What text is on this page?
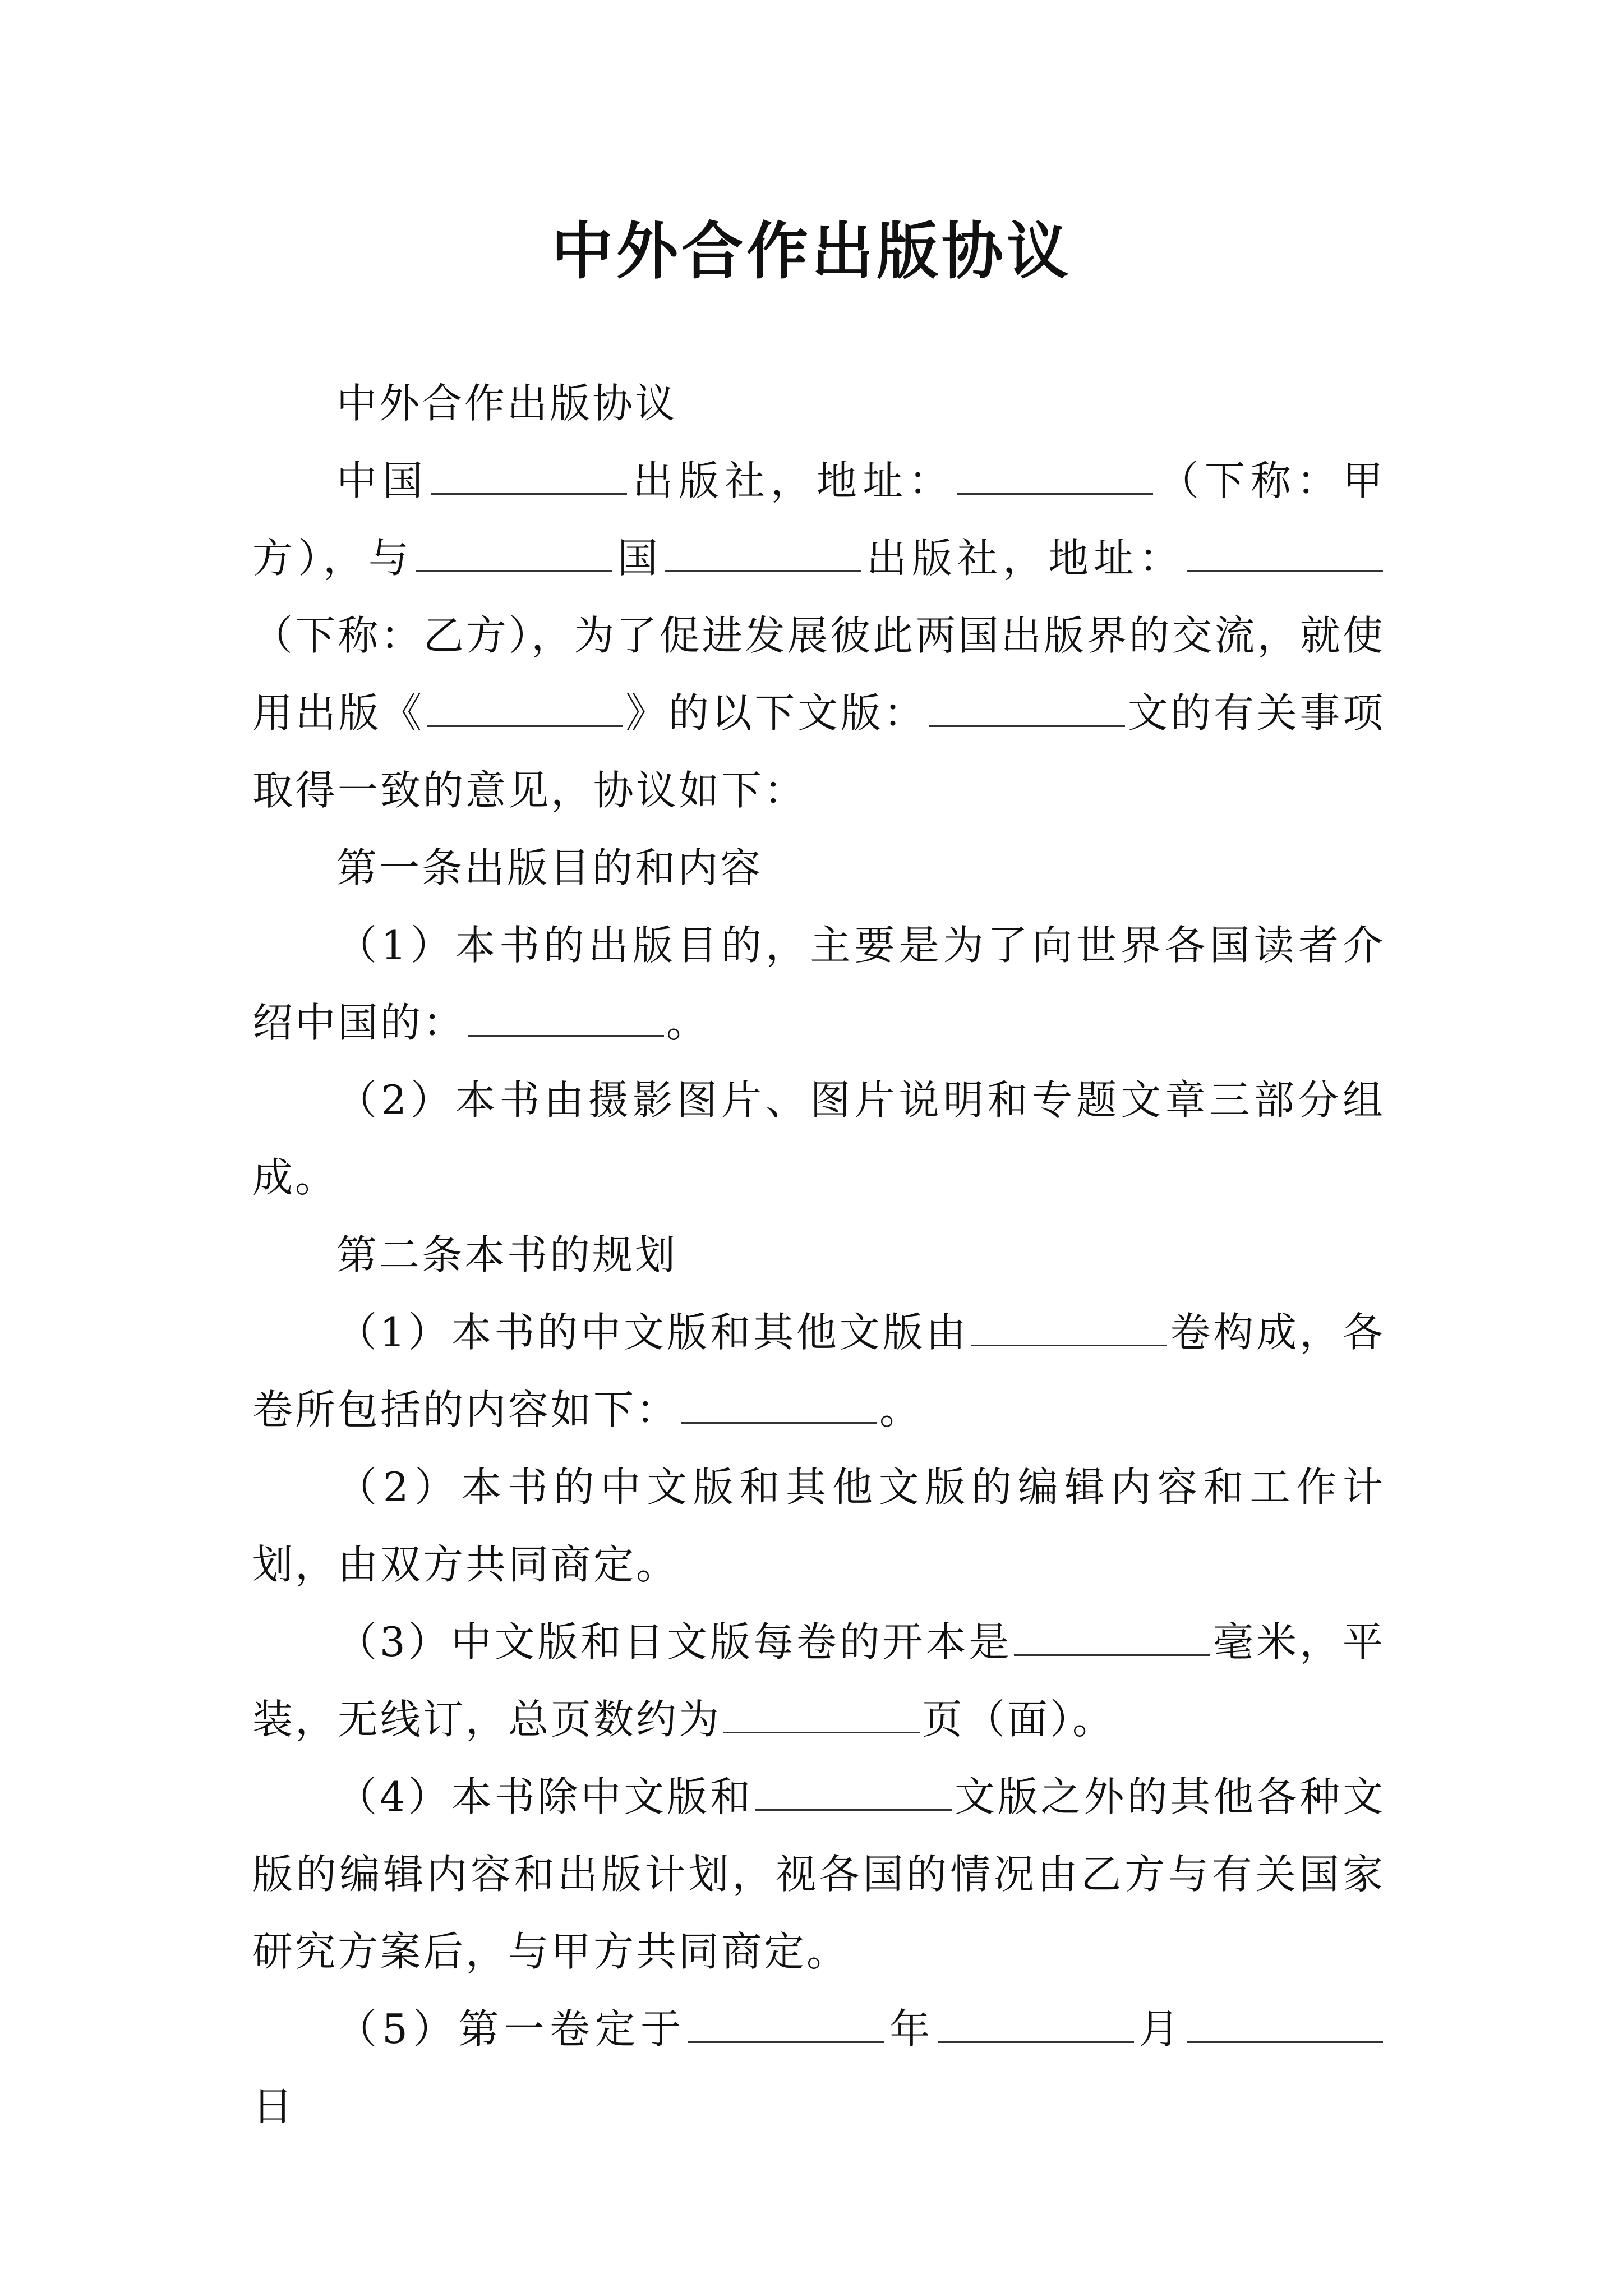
中外合作出版协议

中外合作出版协议

中国	出版社，地址：	（下称：甲方），与	国	出版社，地址：（下称：乙方），为了促进发展彼此两国出版界的交流，就使用出版《	》的以下文版：	文的有关事项取得一致的意见，协议如下：

第一条出版目的和内容

（1）本书的出版目的，主要是为了向世界各国读者介绍中国的：	。

（2）本书由摄影图片、图片说明和专题文章三部分组成。

第二条本书的规划

（1）本书的中文版和其他文版由	卷构成，各卷所包括的内容如下：	。

（2）本书的中文版和其他文版的编辑内容和工作计划，由双方共同商定。

（3）中文版和日文版每卷的开本是	毫米，平装，无线订，总页数约为	页（面）。

（4）本书除中文版和	文版之外的其他各种文版的编辑内容和出版计划，视各国的情况由乙方与有关国家研究方案后，与甲方共同商定。

（5）第一卷定于	年	月日
